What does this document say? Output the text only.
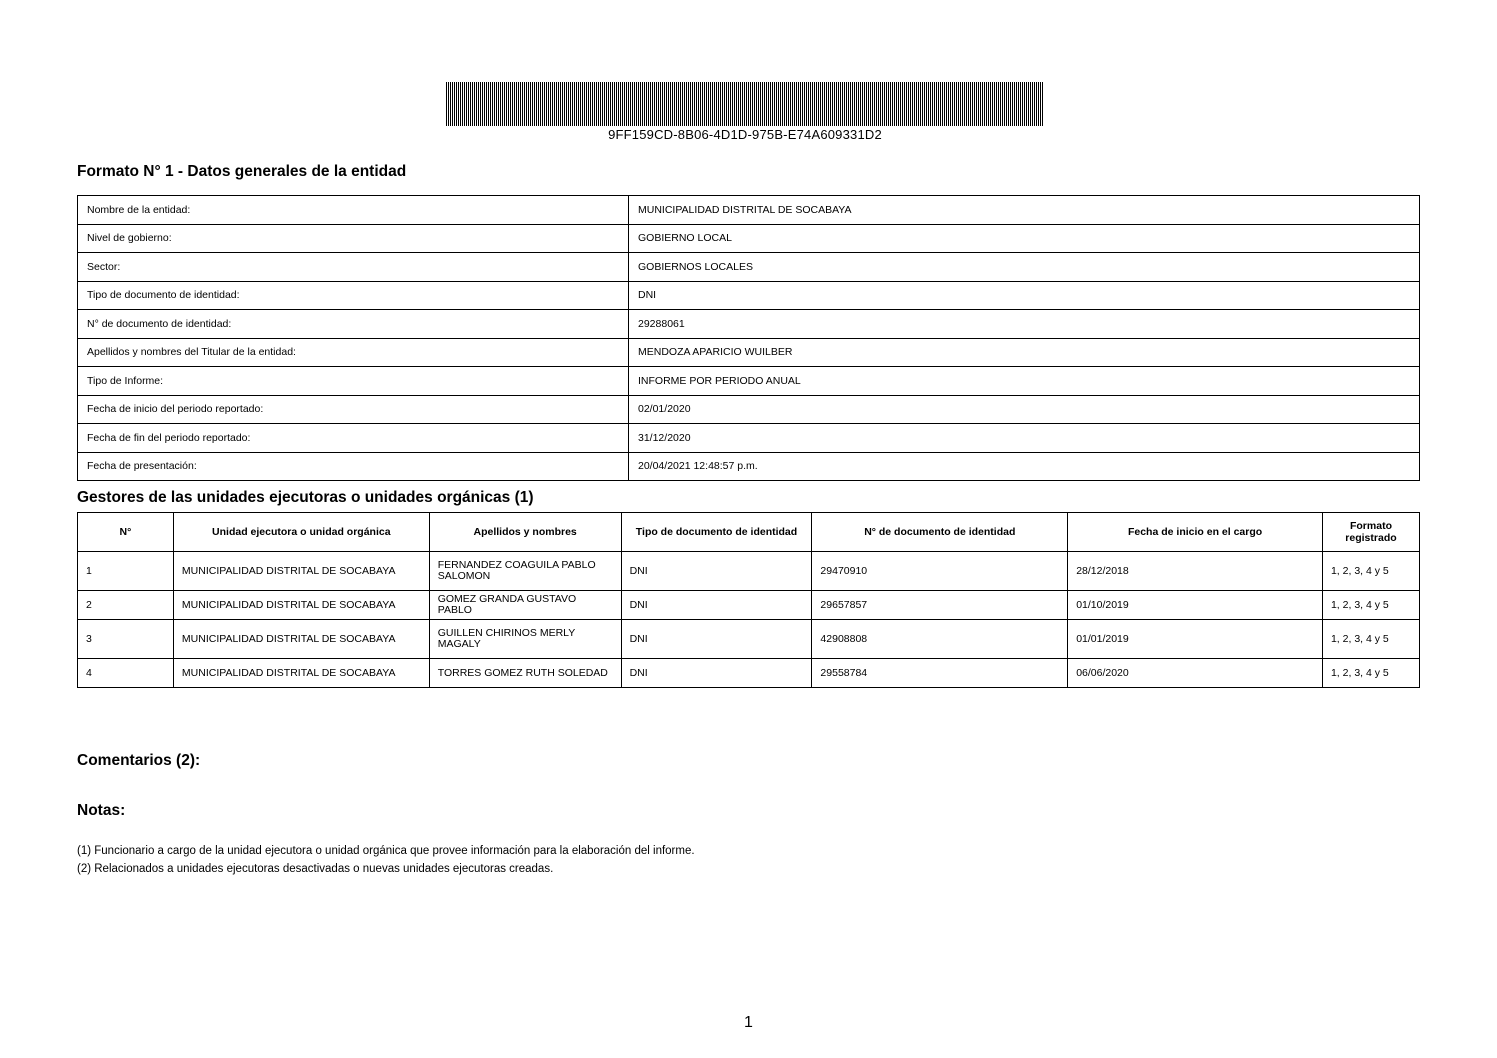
9FF159CD-8B06-4D1D-975B-E74A609331D2
Formato N° 1 - Datos generales de la entidad
Nombre de la entidad:	MUNICIPALIDAD DISTRITAL DE SOCABAYA
Nivel de gobierno:	GOBIERNO LOCAL
Sector:	GOBIERNOS LOCALES
Tipo de documento de identidad:	DNI
N° de documento de identidad:	29288061
Apellidos y nombres del Titular de la entidad:	MENDOZA APARICIO WUILBER
Tipo de Informe:	INFORME POR PERIODO ANUAL
Fecha de inicio del periodo reportado:	02/01/2020
Fecha de fin del periodo reportado:	31/12/2020
Fecha de presentación:	20/04/2021 12:48:57 p.m.
Gestores de las unidades ejecutoras o unidades orgánicas (1)
N°	Unidad ejecutora o unidad orgánica	Apellidos y nombres	Tipo de documento de identidad	N° de documento de identidad	Fecha de inicio en el cargo	Formato registrado
1	MUNICIPALIDAD DISTRITAL DE SOCABAYA	FERNANDEZ COAGUILA PABLO SALOMON	DNI	29470910	28/12/2018	1, 2, 3, 4 y 5
2	MUNICIPALIDAD DISTRITAL DE SOCABAYA	GOMEZ GRANDA GUSTAVO PABLO	DNI	29657857	01/10/2019	1, 2, 3, 4 y 5
3	MUNICIPALIDAD DISTRITAL DE SOCABAYA	GUILLEN CHIRINOS MERLY MAGALY	DNI	42908808	01/01/2019	1, 2, 3, 4 y 5
4	MUNICIPALIDAD DISTRITAL DE SOCABAYA	TORRES GOMEZ RUTH SOLEDAD	DNI	29558784	06/06/2020	1, 2, 3, 4 y 5
Comentarios (2):
Notas:
(1) Funcionario a cargo de la unidad ejecutora o unidad orgánica que provee información para la elaboración del informe.
(2) Relacionados a unidades ejecutoras desactivadas o nuevas unidades ejecutoras creadas.
1
